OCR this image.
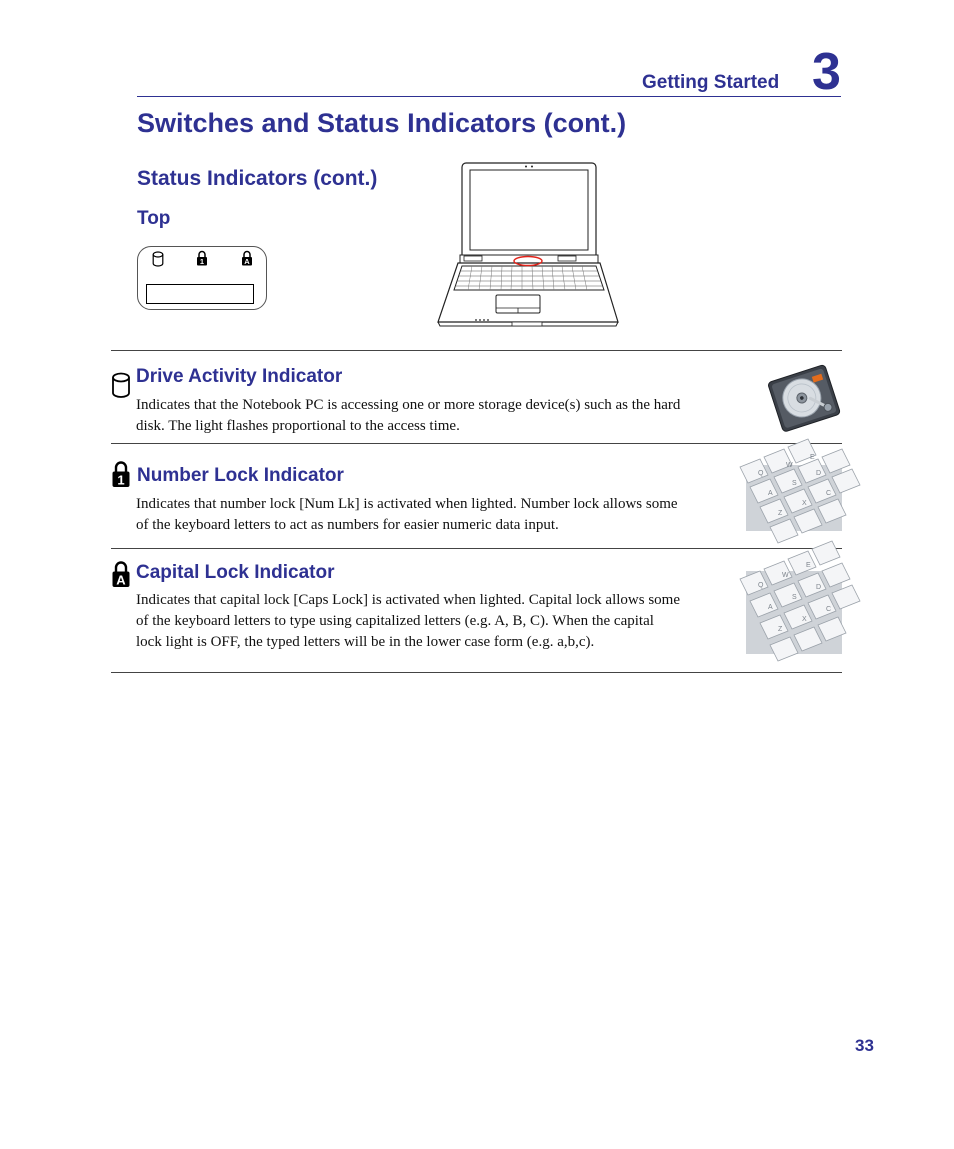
Getting Started 3
Switches and Status Indicators (cont.)
Status Indicators (cont.)
Top
1	A
Drive Activity Indicator
Indicates that the Notebook PC is accessing one or more storage device(s) such as the hard
disk. The light flashes proportional to the access time.
1 Number Lock Indicator
Indicates that number lock [Num Lk] is activated when lighted. Number lock allows some
of the keyboard letters to act as numbers for easier numeric data input.
Q
W
E
A
S
D
Z
X
C
A Capital Lock Indicator
Indicates that capital lock [Caps Lock] is activated when lighted. Capital lock allows some
of the keyboard letters to type using capitalized letters (e.g. A, B, C). When the capital
lock light is OFF, the typed letters will be in the lower case form (e.g. a,b,c).
Q
W
E
A
S
D
Z
X
C
33
